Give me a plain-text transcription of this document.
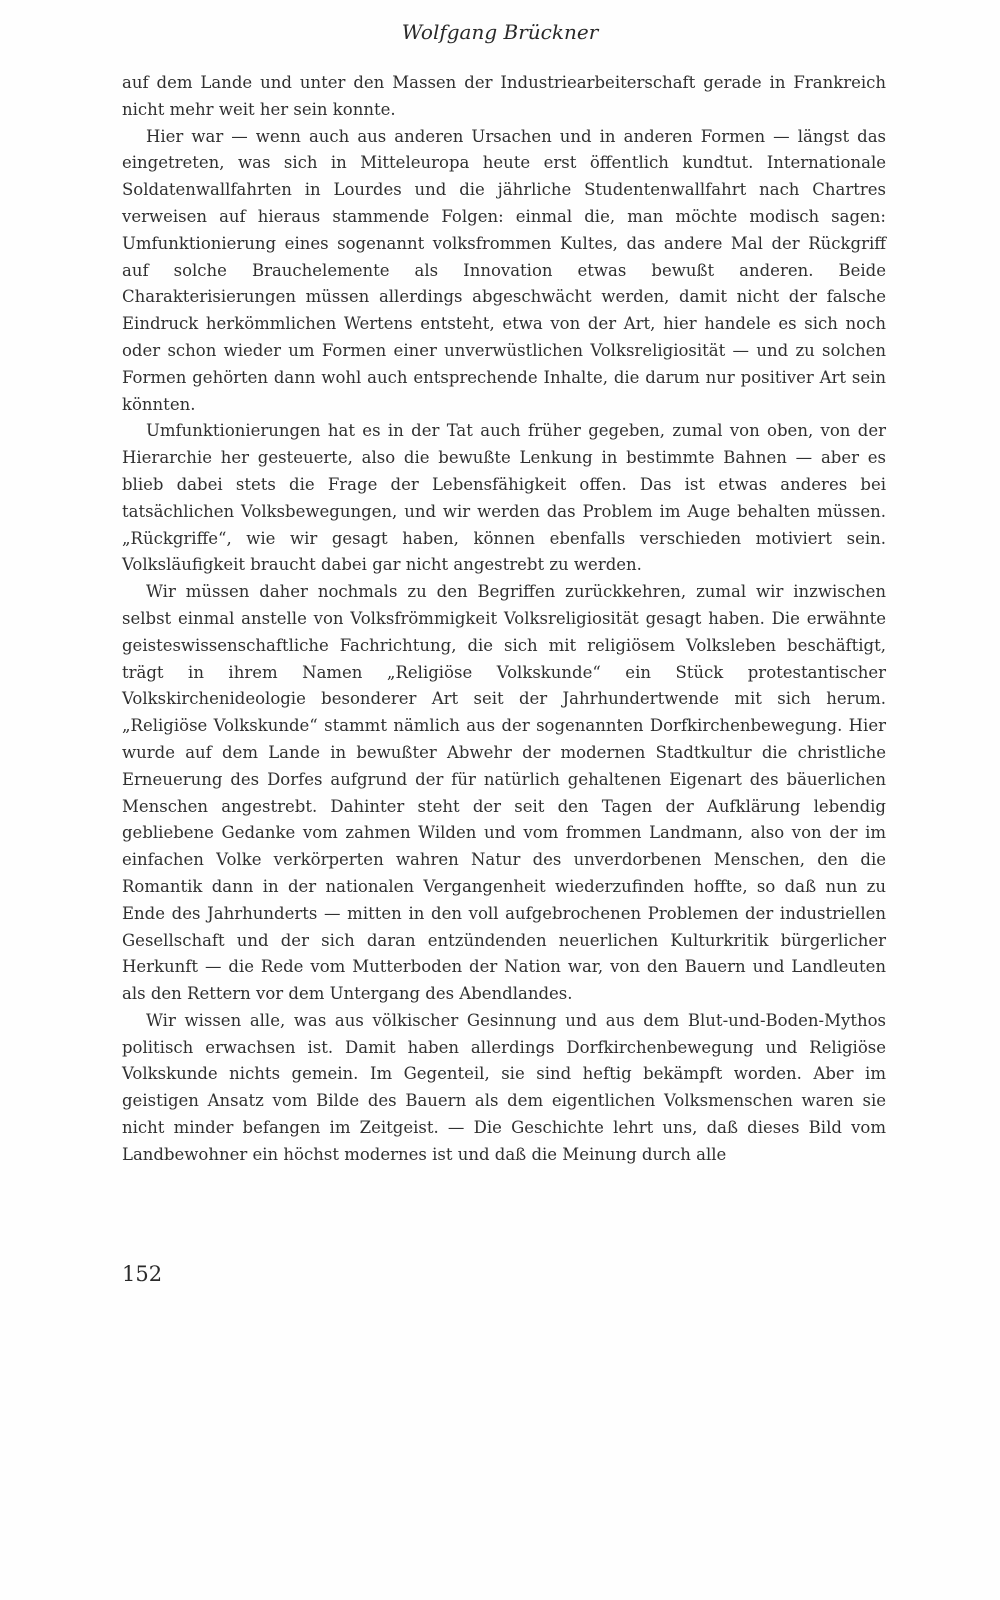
Wolfgang Brückner

auf dem Lande und unter den Massen der Industriearbeiterschaft gerade in Frankreich nicht mehr weit her sein konnte.

Hier war — wenn auch aus anderen Ursachen und in anderen Formen — längst das eingetreten, was sich in Mitteleuropa heute erst öffentlich kundtut. Internationale Soldatenwallfahrten in Lourdes und die jährliche Studentenwallfahrt nach Chartres verweisen auf hieraus stammende Folgen: einmal die, man möchte modisch sagen: Umfunktionierung eines sogenannt volksfrommen Kultes, das andere Mal der Rückgriff auf solche Brauchelemente als Innovation etwas bewußt anderen. Beide Charakterisierungen müssen allerdings abgeschwächt werden, damit nicht der falsche Eindruck herkömmlichen Wertens entsteht, etwa von der Art, hier handele es sich noch oder schon wieder um Formen einer unverwüstlichen Volksreligiosität — und zu solchen Formen gehörten dann wohl auch entsprechende Inhalte, die darum nur positiver Art sein könnten.

Umfunktionierungen hat es in der Tat auch früher gegeben, zumal von oben, von der Hierarchie her gesteuerte, also die bewußte Lenkung in bestimmte Bahnen — aber es blieb dabei stets die Frage der Lebensfähigkeit offen. Das ist etwas anderes bei tatsächlichen Volksbewegungen, und wir werden das Problem im Auge behalten müssen. „Rückgriffe“, wie wir gesagt haben, können ebenfalls verschieden motiviert sein. Volksläufigkeit braucht dabei gar nicht angestrebt zu werden.

Wir müssen daher nochmals zu den Begriffen zurückkehren, zumal wir inzwischen selbst einmal anstelle von Volksfrömmigkeit Volksreligiosität gesagt haben. Die erwähnte geisteswissenschaftliche Fachrichtung, die sich mit religiösem Volksleben beschäftigt, trägt in ihrem Namen „Religiöse Volkskunde“ ein Stück protestantischer Volkskirchenideologie besonderer Art seit der Jahrhundertwende mit sich herum. „Religiöse Volkskunde“ stammt nämlich aus der sogenannten Dorfkirchenbewegung. Hier wurde auf dem Lande in bewußter Abwehr der modernen Stadtkultur die christliche Erneuerung des Dorfes aufgrund der für natürlich gehaltenen Eigenart des bäuerlichen Menschen angestrebt. Dahinter steht der seit den Tagen der Aufklärung lebendig gebliebene Gedanke vom zahmen Wilden und vom frommen Landmann, also von der im einfachen Volke verkörperten wahren Natur des unverdorbenen Menschen, den die Romantik dann in der nationalen Vergangenheit wiederzufinden hoffte, so daß nun zu Ende des Jahrhunderts — mitten in den voll aufgebrochenen Problemen der industriellen Gesellschaft und der sich daran entzündenden neuerlichen Kulturkritik bürgerlicher Herkunft — die Rede vom Mutterboden der Nation war, von den Bauern und Landleuten als den Rettern vor dem Untergang des Abendlandes.

Wir wissen alle, was aus völkischer Gesinnung und aus dem Blut-und-Boden-Mythos politisch erwachsen ist. Damit haben allerdings Dorfkirchenbewegung und Religiöse Volkskunde nichts gemein. Im Gegenteil, sie sind heftig bekämpft worden. Aber im geistigen Ansatz vom Bilde des Bauern als dem eigentlichen Volksmenschen waren sie nicht minder befangen im Zeitgeist. — Die Geschichte lehrt uns, daß dieses Bild vom Landbewohner ein höchst modernes ist und daß die Meinung durch alle

152
